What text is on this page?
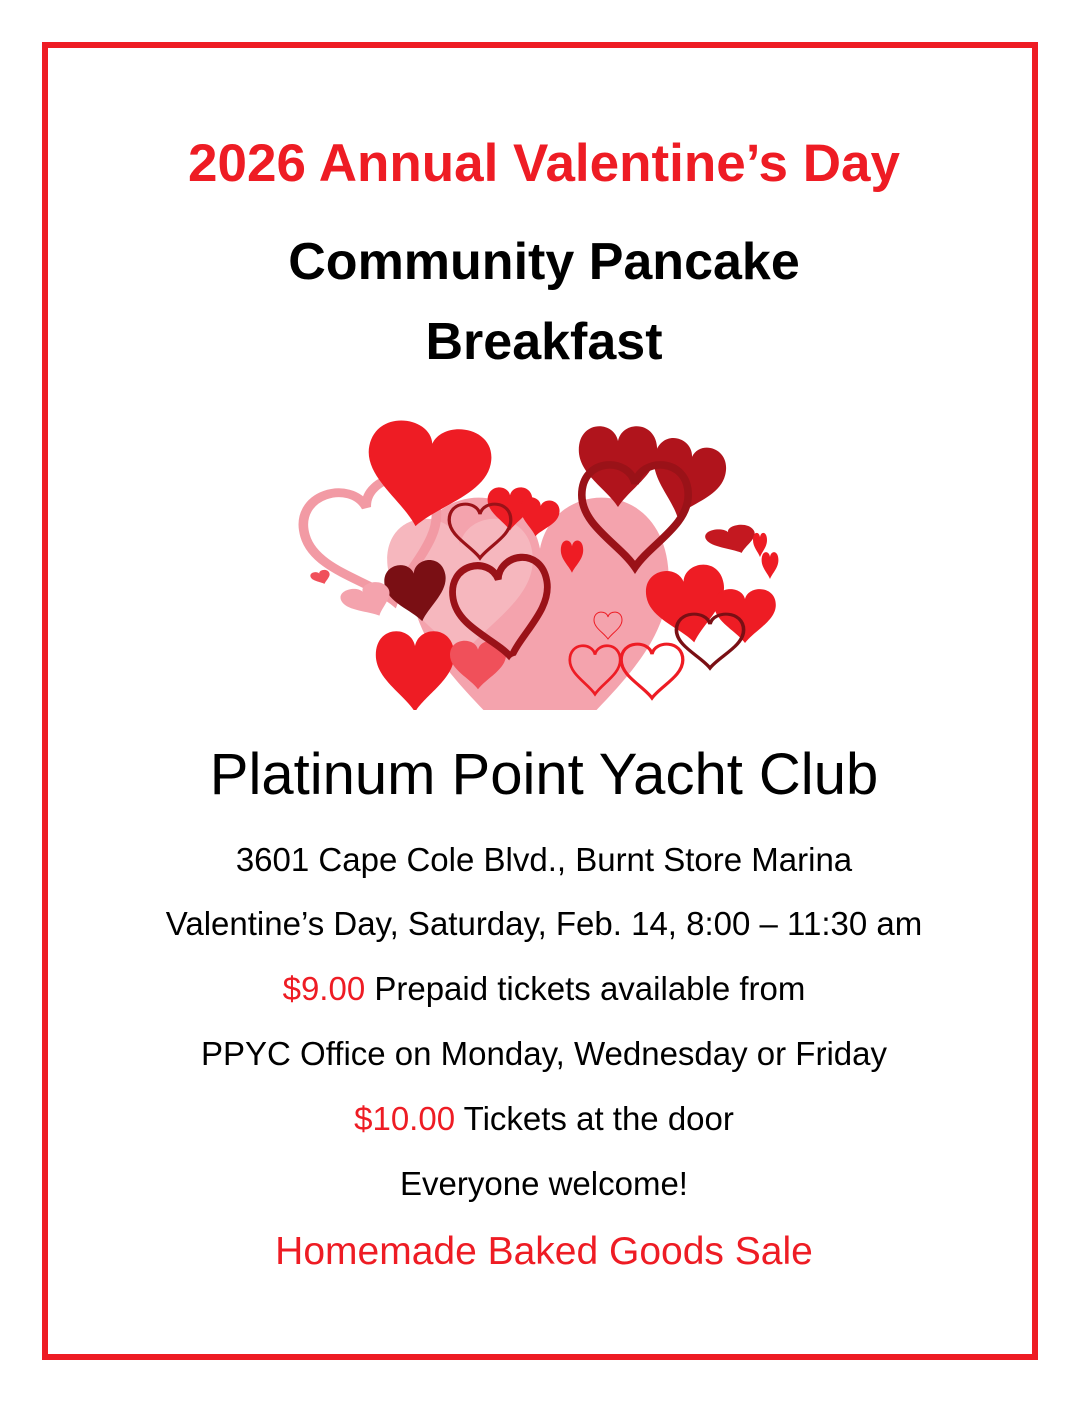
2026 Annual Valentine’s Day
Community Pancake
Breakfast
Platinum Point Yacht Club
3601 Cape Cole Blvd., Burnt Store Marina
Valentine’s Day, Saturday, Feb. 14, 8:00 – 11:30 am
$9.00 Prepaid tickets available from
PPYC Office on Monday, Wednesday or Friday
$10.00 Tickets at the door
Everyone welcome!
Homemade Baked Goods Sale
